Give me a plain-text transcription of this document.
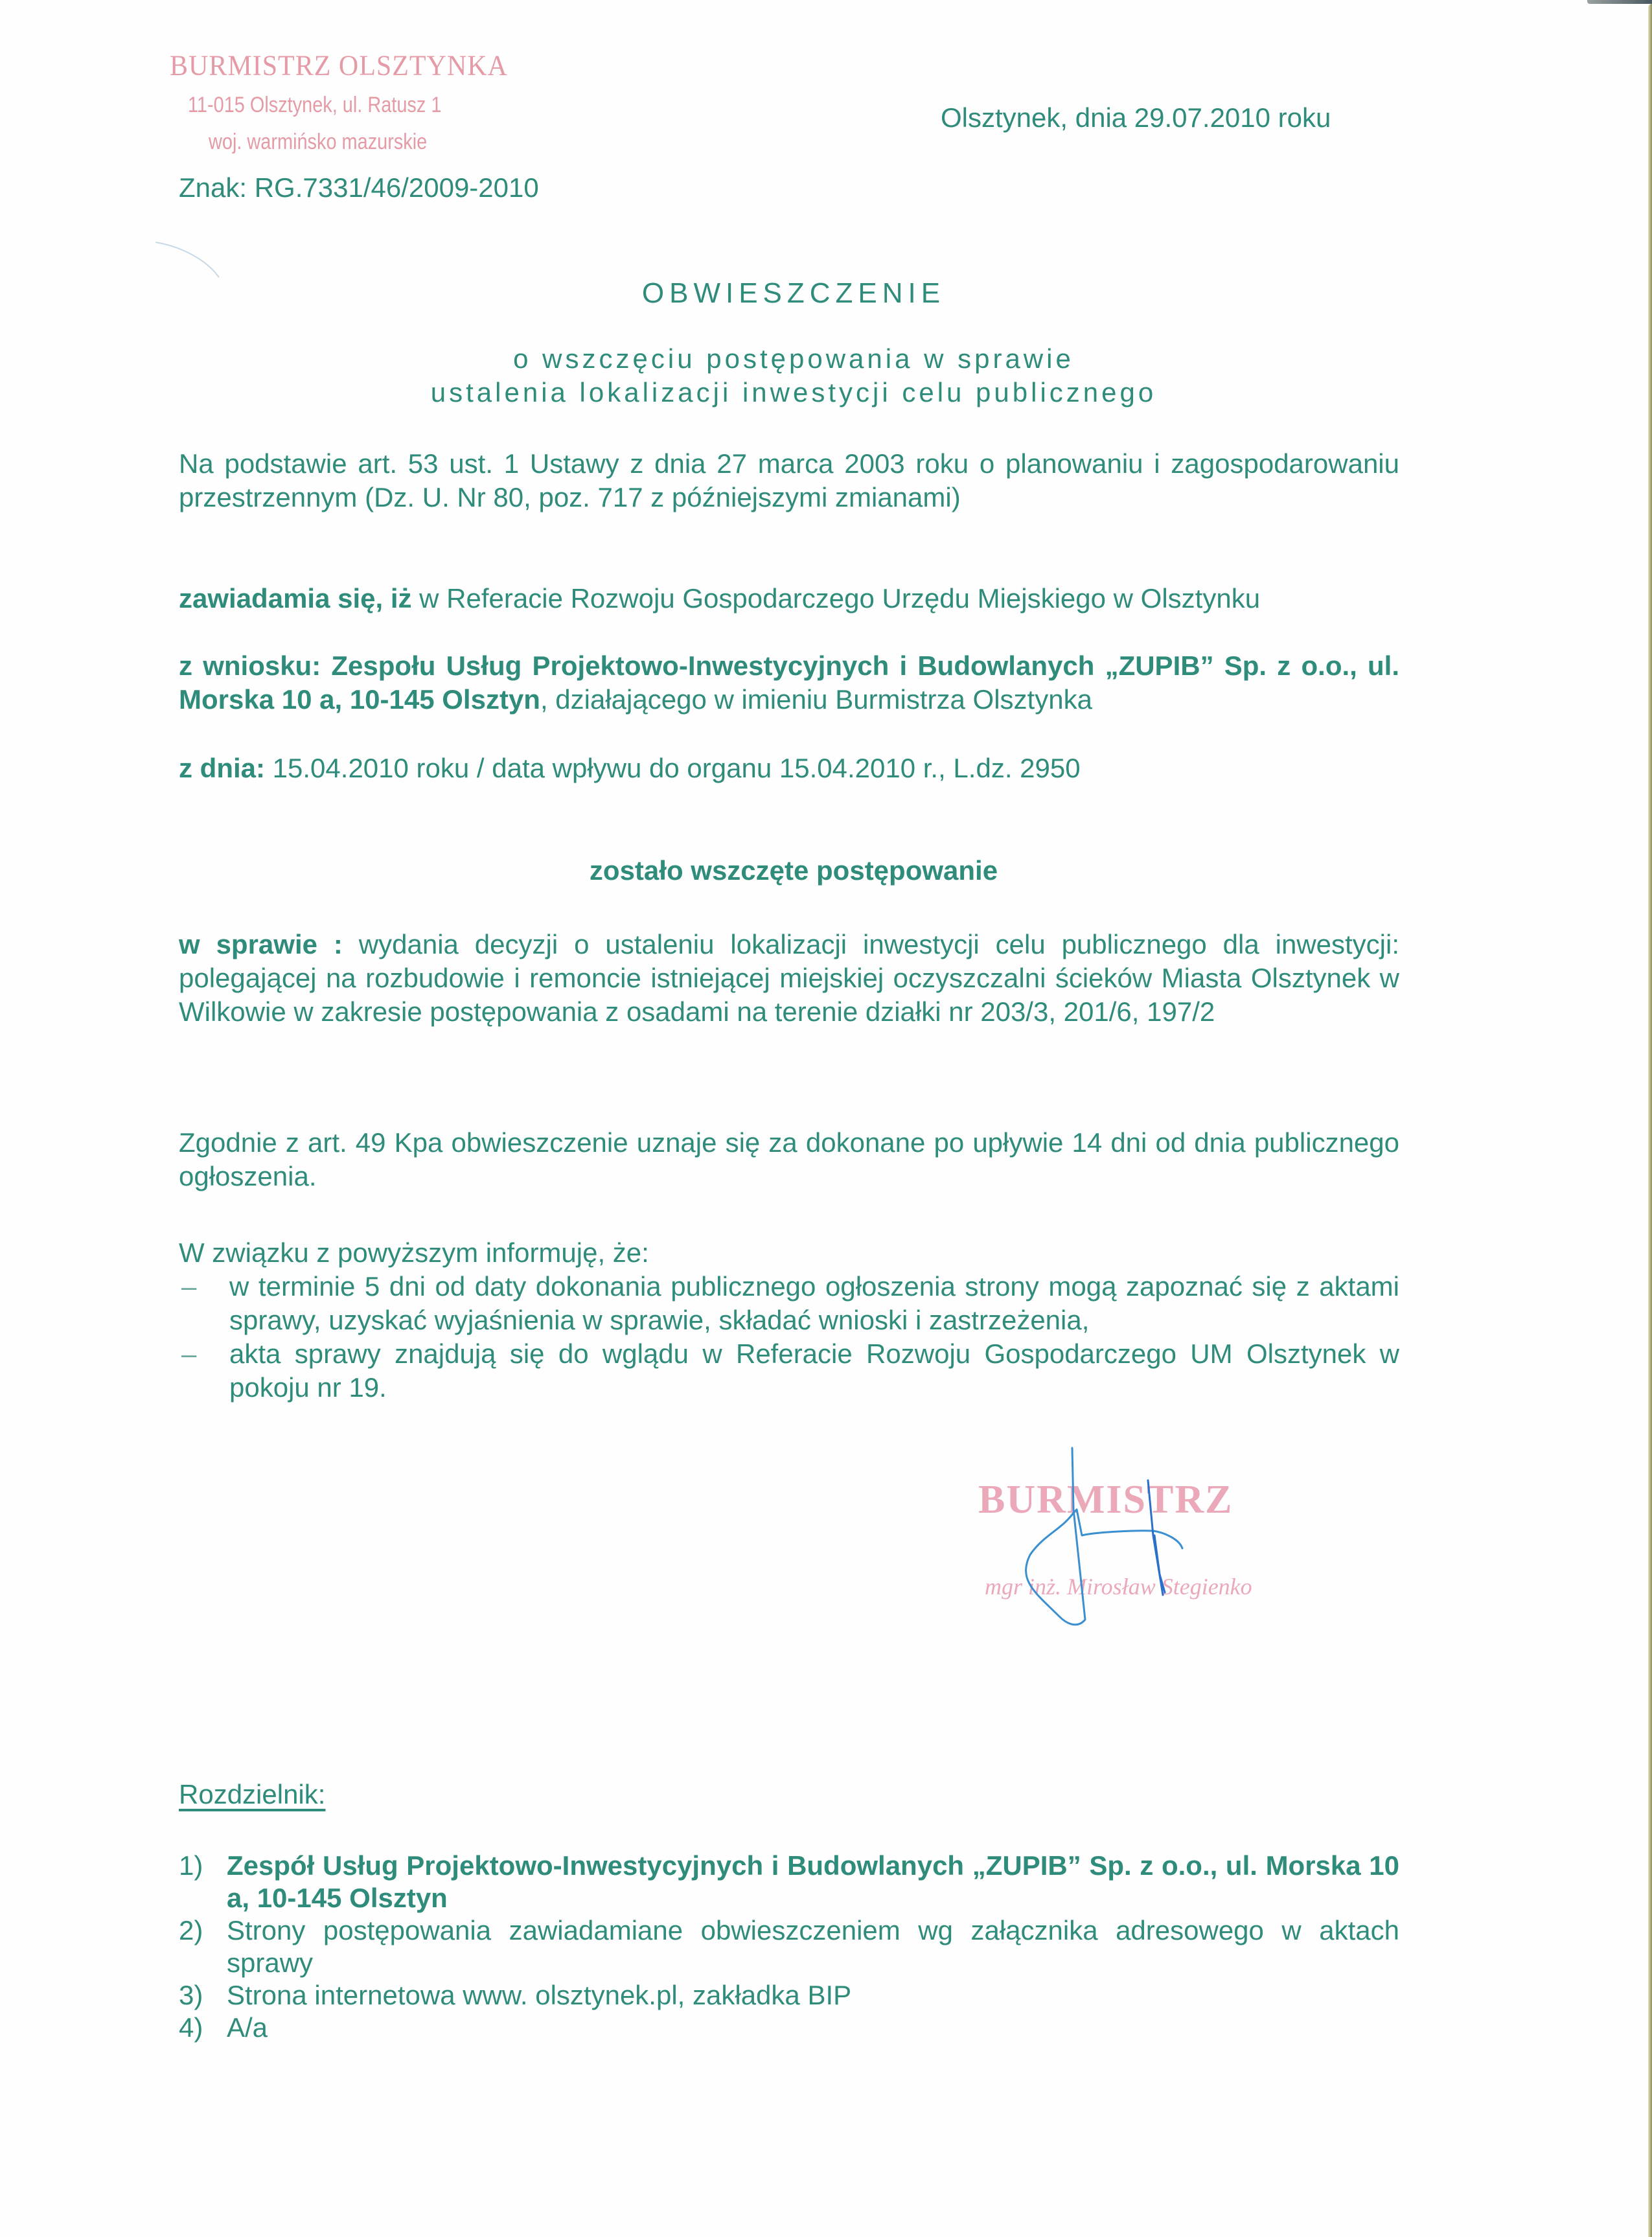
BURMISTRZ OLSZTYNKA
11-015 Olsztynek, ul. Ratusz 1
woj. warmińsko mazurskie
Olsztynek, dnia 29.07.2010 roku
Znak: RG.7331/46/2009-2010
OBWIESZCZENIE
o wszczęciu postępowania w sprawie
ustalenia lokalizacji inwestycji celu publicznego
Na podstawie art. 53 ust. 1 Ustawy z dnia 27 marca 2003 roku o planowaniu i zagospodarowaniu przestrzennym (Dz. U. Nr 80, poz. 717 z późniejszymi zmianami)
zawiadamia się, iż w Referacie Rozwoju Gospodarczego Urzędu Miejskiego w Olsztynku
z wniosku: Zespołu Usług Projektowo-Inwestycyjnych i Budowlanych „ZUPIB” Sp. z o.o., ul. Morska 10 a, 10-145 Olsztyn, działającego w imieniu Burmistrza Olsztynka
z dnia: 15.04.2010 roku / data wpływu do organu 15.04.2010 r., L.dz. 2950
zostało wszczęte postępowanie
w sprawie : wydania decyzji o ustaleniu lokalizacji inwestycji celu publicznego dla inwestycji: polegającej na rozbudowie i remoncie istniejącej miejskiej oczyszczalni ścieków Miasta Olsztynek w Wilkowie w zakresie postępowania z osadami na terenie działki nr 203/3, 201/6, 197/2
Zgodnie z art. 49 Kpa obwieszczenie uznaje się za dokonane po upływie 14 dni od dnia publicznego ogłoszenia.
W związku z powyższym informuję, że:
– w terminie 5 dni od daty dokonania publicznego ogłoszenia strony mogą zapoznać się z aktami sprawy, uzyskać wyjaśnienia w sprawie, składać wnioski i zastrzeżenia,
– akta sprawy znajdują się do wglądu w Referacie Rozwoju Gospodarczego UM Olsztynek w pokoju nr 19.
BURMISTRZ
mgr inż. Mirosław Stegienko
Rozdzielnik:
1) Zespół Usług Projektowo-Inwestycyjnych i Budowlanych „ZUPIB” Sp. z o.o., ul. Morska 10 a, 10-145 Olsztyn
2) Strony postępowania zawiadamiane obwieszczeniem wg załącznika adresowego w aktach sprawy
3) Strona internetowa www. olsztynek.pl, zakładka BIP
4) A/a
